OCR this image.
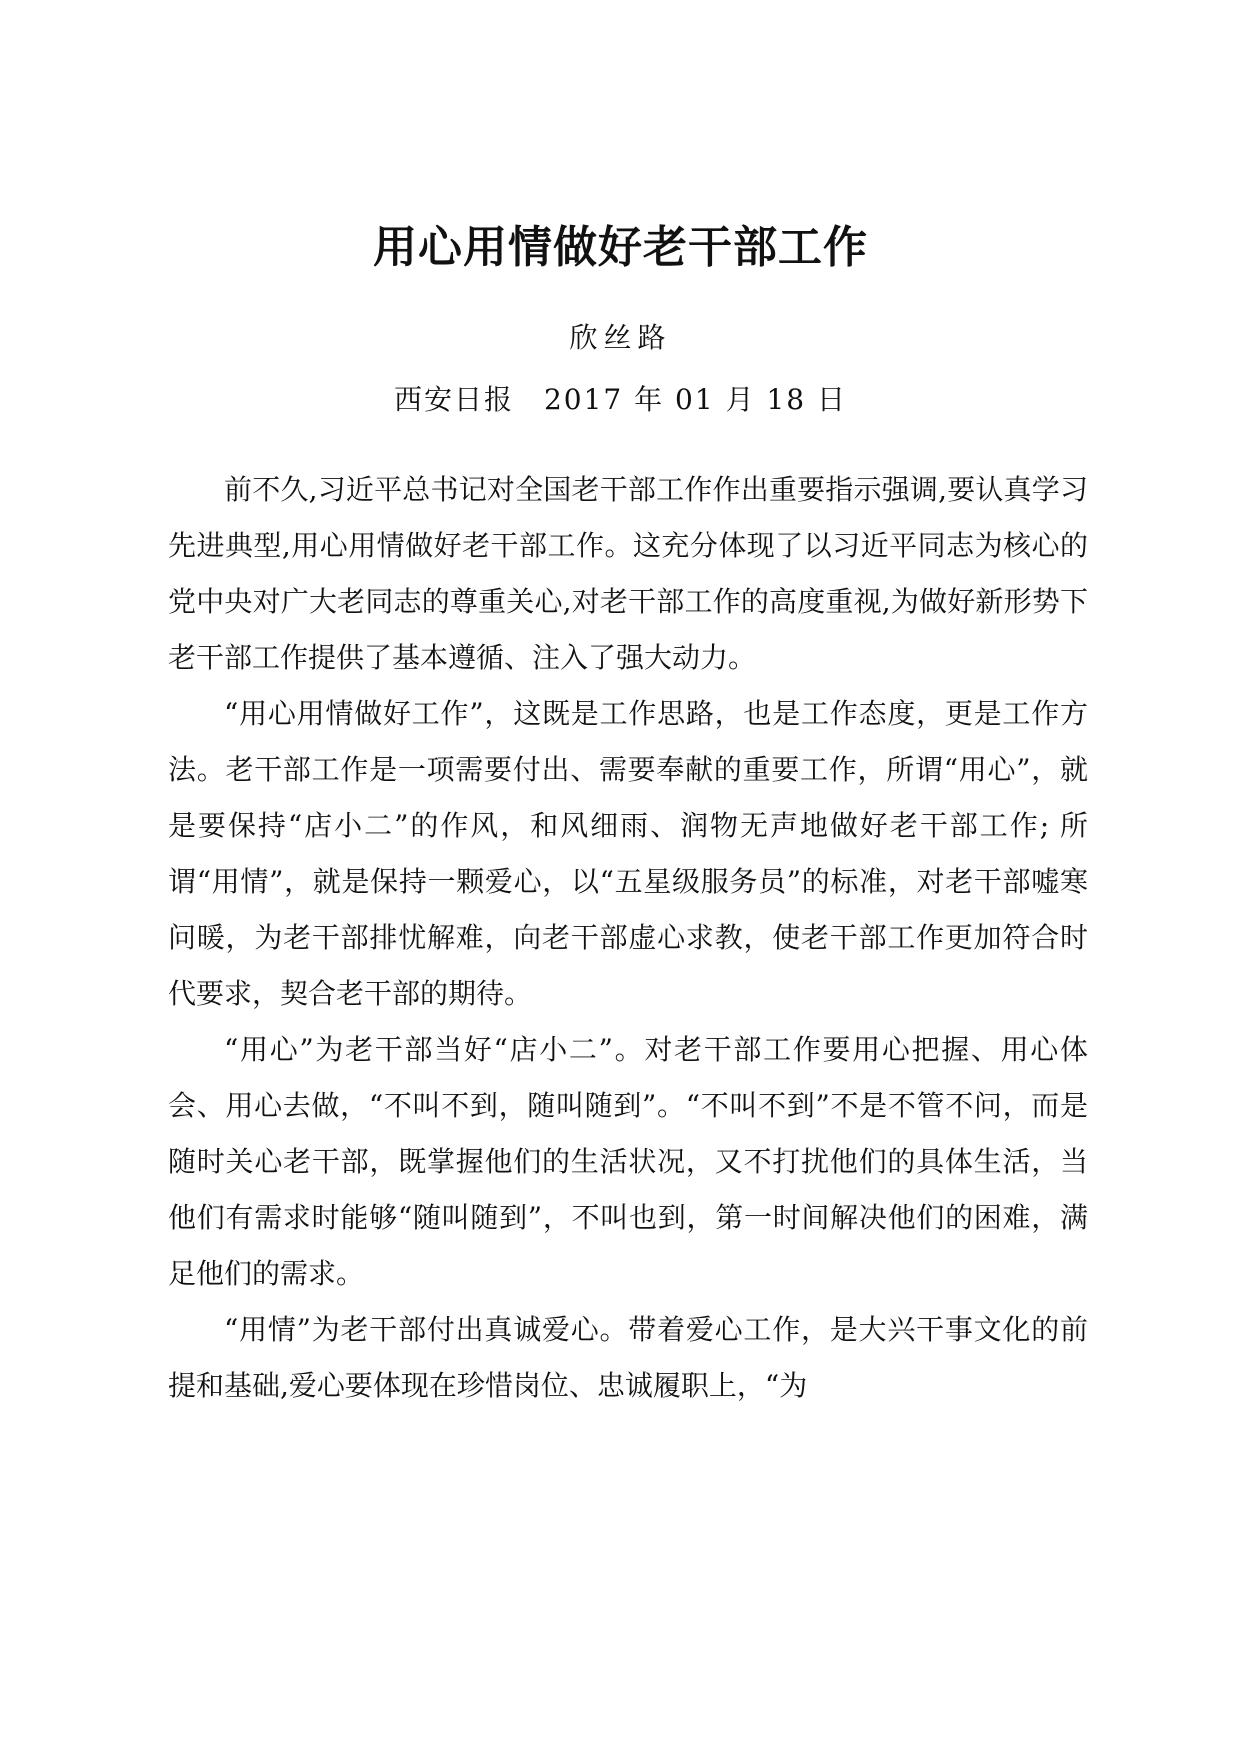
用心用情做好老干部工作
欣丝路
西安日报　2017 年 01 月 18 日

前不久,习近平总书记对全国老干部工作作出重要指示强调,要认真学习先进典型,用心用情做好老干部工作。这充分体现了以习近平同志为核心的党中央对广大老同志的尊重关心,对老干部工作的高度重视,为做好新形势下老干部工作提供了基本遵循、注入了强大动力。

“用心用情做好工作”，这既是工作思路，也是工作态度，更是工作方法。老干部工作是一项需要付出、需要奉献的重要工作，所谓“用心”，就是要保持“店小二”的作风，和风细雨、润物无声地做好老干部工作; 所谓“用情”，就是保持一颗爱心，以“五星级服务员”的标准，对老干部嘘寒问暖，为老干部排忧解难，向老干部虚心求教，使老干部工作更加符合时代要求，契合老干部的期待。

“用心”为老干部当好“店小二”。对老干部工作要用心把握、用心体会、用心去做，“不叫不到，随叫随到”。“不叫不到”不是不管不问，而是随时关心老干部，既掌握他们的生活状况，又不打扰他们的具体生活，当他们有需求时能够“随叫随到”，不叫也到，第一时间解决他们的困难，满足他们的需求。

“用情”为老干部付出真诚爱心。带着爱心工作，是大兴干事文化的前提和基础,爱心要体现在珍惜岗位、忠诚履职上，“为
